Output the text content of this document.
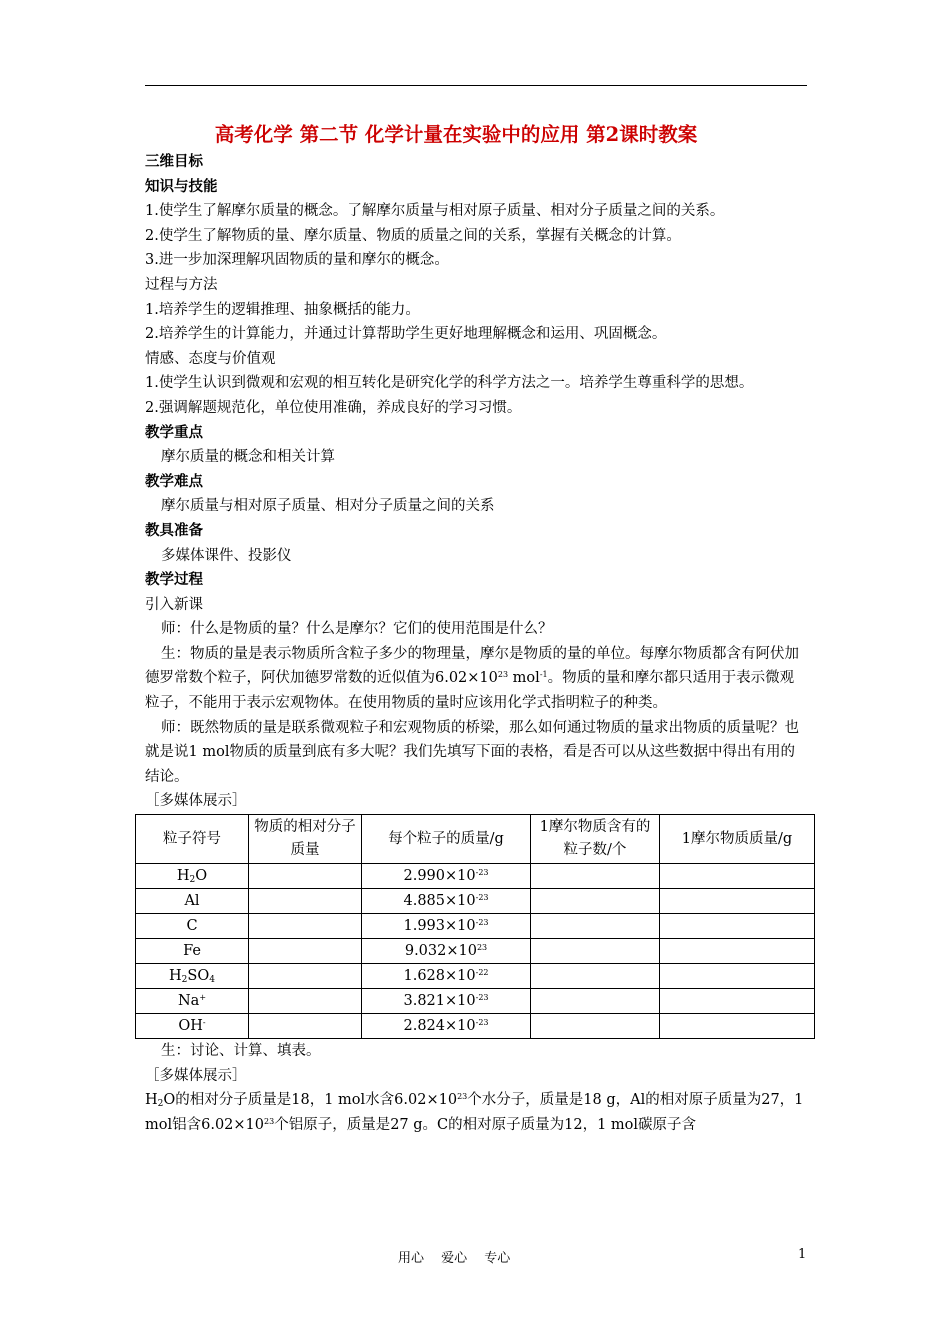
高考化学 第二节 化学计量在实验中的应用 第2课时教案
三维目标
知识与技能
1.使学生了解摩尔质量的概念。了解摩尔质量与相对原子质量、相对分子质量之间的关系。
2.使学生了解物质的量、摩尔质量、物质的质量之间的关系，掌握有关概念的计算。
3.进一步加深理解巩固物质的量和摩尔的概念。
过程与方法
1.培养学生的逻辑推理、抽象概括的能力。
2.培养学生的计算能力，并通过计算帮助学生更好地理解概念和运用、巩固概念。
情感、态度与价值观
1.使学生认识到微观和宏观的相互转化是研究化学的科学方法之一。培养学生尊重科学的思想。
2.强调解题规范化，单位使用准确，养成良好的学习习惯。
教学重点
摩尔质量的概念和相关计算
教学难点
摩尔质量与相对原子质量、相对分子质量之间的关系
教具准备
多媒体课件、投影仪
教学过程
引入新课
师：什么是物质的量？什么是摩尔？它们的使用范围是什么？
生：物质的量是表示物质所含粒子多少的物理量，摩尔是物质的量的单位。每摩尔物质都含有阿伏加德罗常数个粒子，阿伏加德罗常数的近似值为$6.02\times 10^{23}$ mol$^{-1}$。物质的量和摩尔都只适用于表示微观粒子，不能用于表示宏观物体。在使用物质的量时应该用化学式指明粒子的种类。
师：既然物质的量是联系微观粒子和宏观物质的桥梁，那么如何通过物质的量求出物质的质量呢？也就是说1 mol物质的质量到底有多大呢？我们先填写下面的表格，看是否可以从这些数据中得出有用的结论。
［多媒体展示］
粒子符号	物质的相对分子质量	每个粒子的质量/g	1摩尔物质含有的粒子数/个	1摩尔物质质量/g
$H_2O$		$2.990\times 10^{-23}$		
Al		$4.885\times 10^{-23}$		
C		$1.993\times 10^{-23}$		
Fe		$9.032\times 10^{23}$		
$H_2SO_4$		$1.628\times 10^{-22}$		
Na+		$3.821\times 10^{-23}$		
OH-		$2.824\times 10^{-23}$		
生：讨论、计算、填表。
［多媒体展示］
$H_2O$的相对分子质量是18，1 mol水含$6.02\times 10^{23}$个水分子，质量是18 g，Al的相对原子质量为27，1 mol铝含$6.02\times 10^{23}$个铝原子，质量是27 g。C的相对原子质量为12，1 mol碳原子含
用心　 爱心　 专心	1
